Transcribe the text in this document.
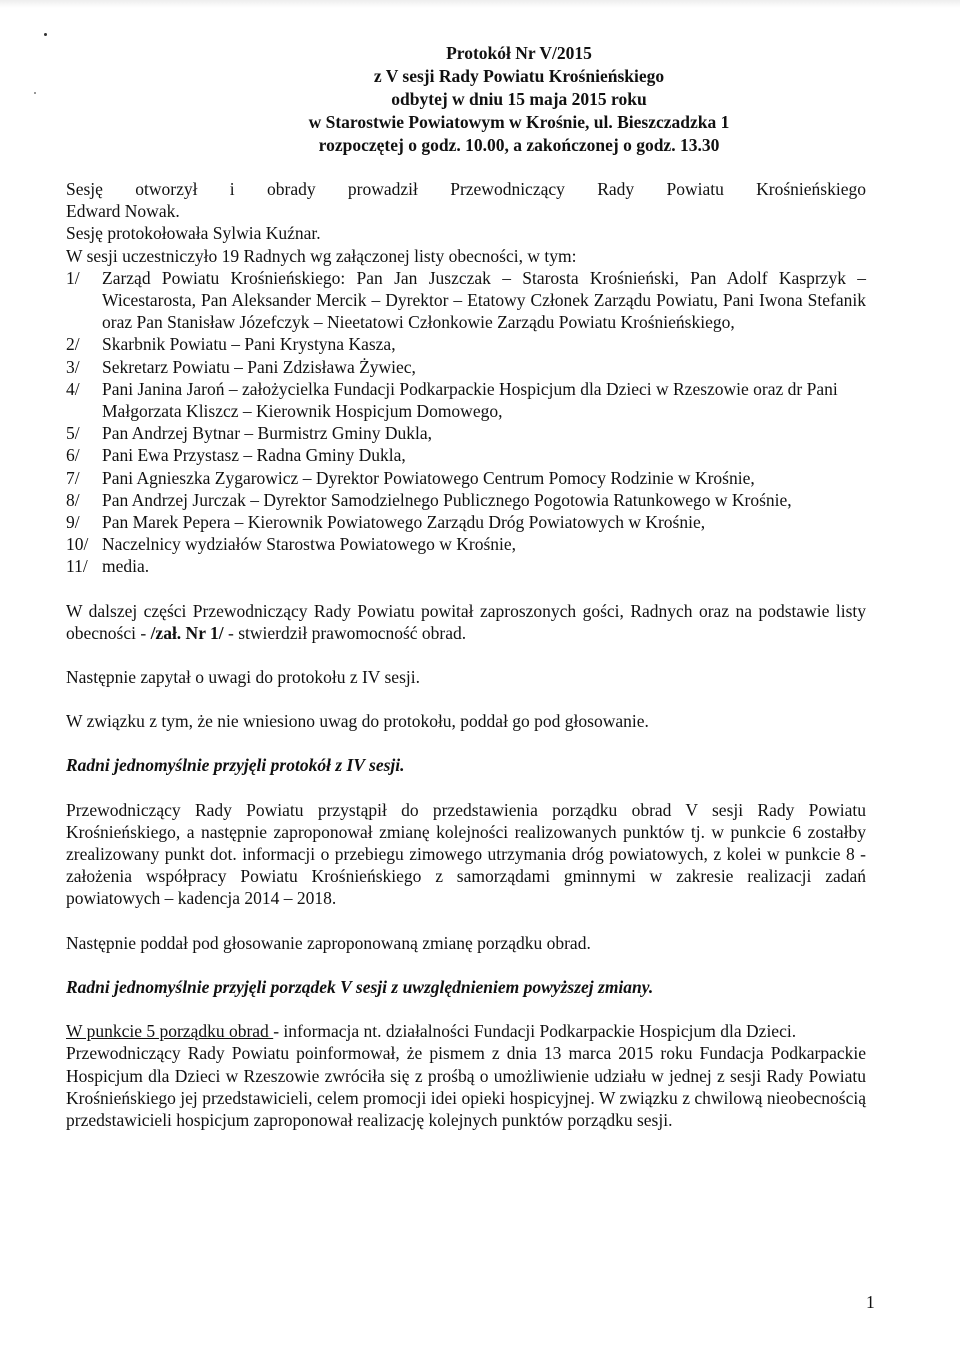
Protokół Nr V/2015
z V sesji Rady Powiatu Krośnieńskiego
odbytej w dniu 15 maja 2015 roku
w Starostwie Powiatowym w Krośnie, ul. Bieszczadzka 1
rozpoczętej o godz. 10.00, a zakończonej o godz. 13.30

Sesję otworzył i obrady prowadził Przewodniczący Rady Powiatu Krośnieńskiego

Edward Nowak.

Sesję protokołowała Sylwia Kuźnar.

W sesji uczestniczyło 19 Radnych wg załączonej listy obecności, w tym:

1/	Zarząd Powiatu Krośnieńskiego: Pan Jan Juszczak – Starosta Krośnieński, Pan Adolf Kasprzyk – Wicestarosta, Pan Aleksander Mercik – Dyrektor – Etatowy Członek Zarządu Powiatu, Pani Iwona Stefanik oraz Pan Stanisław Józefczyk – Nieetatowi Członkowie Zarządu Powiatu Krośnieńskiego,
2/	Skarbnik Powiatu – Pani Krystyna Kasza,
3/	Sekretarz Powiatu – Pani Zdzisława Żywiec,
4/	Pani Janina Jaroń – założycielka Fundacji Podkarpackie Hospicjum dla Dzieci w Rzeszowie oraz dr Pani Małgorzata Kliszcz – Kierownik Hospicjum Domowego,
5/	Pan Andrzej Bytnar – Burmistrz Gminy Dukla,
6/	Pani Ewa Przystasz – Radna Gminy Dukla,
7/	Pani Agnieszka Zygarowicz – Dyrektor Powiatowego Centrum Pomocy Rodzinie w Krośnie,
8/	Pan Andrzej Jurczak – Dyrektor Samodzielnego Publicznego Pogotowia Ratunkowego w Krośnie,
9/	Pan Marek Pepera – Kierownik Powiatowego Zarządu Dróg Powiatowych w Krośnie,
10/ Naczelnicy wydziałów Starostwa Powiatowego w Krośnie,
11/ media.

W dalszej części Przewodniczący Rady Powiatu powitał zaproszonych gości, Radnych oraz na podstawie listy obecności - /zał. Nr 1/ - stwierdził prawomocność obrad.

Następnie zapytał o uwagi do protokołu z IV sesji.

W związku z tym, że nie wniesiono uwag do protokołu, poddał go pod głosowanie.

Radni jednomyślnie przyjęli protokół z IV sesji.

Przewodniczący Rady Powiatu przystąpił do przedstawienia porządku obrad V sesji Rady Powiatu Krośnieńskiego, a następnie zaproponował zmianę kolejności realizowanych punktów tj. w punkcie 6 zostałby zrealizowany punkt dot. informacji o przebiegu zimowego utrzymania dróg powiatowych, z kolei w punkcie 8 - założenia współpracy Powiatu Krośnieńskiego z samorządami gminnymi w zakresie realizacji zadań powiatowych – kadencja 2014 – 2018.

Następnie poddał pod głosowanie zaproponowaną zmianę porządku obrad.

Radni jednomyślnie przyjęli porządek V sesji z uwzględnieniem powyższej zmiany.

W punkcie 5 porządku obrad - informacja nt. działalności Fundacji Podkarpackie Hospicjum dla Dzieci.

Przewodniczący Rady Powiatu poinformował, że pismem z dnia 13 marca 2015 roku Fundacja Podkarpackie Hospicjum dla Dzieci w Rzeszowie zwróciła się z prośbą o umożliwienie udziału w jednej z sesji Rady Powiatu Krośnieńskiego jej przedstawicieli, celem promocji idei opieki hospicyjnej. W związku z chwilową nieobecnością przedstawicieli hospicjum zaproponował realizację kolejnych punktów porządku sesji.

1
